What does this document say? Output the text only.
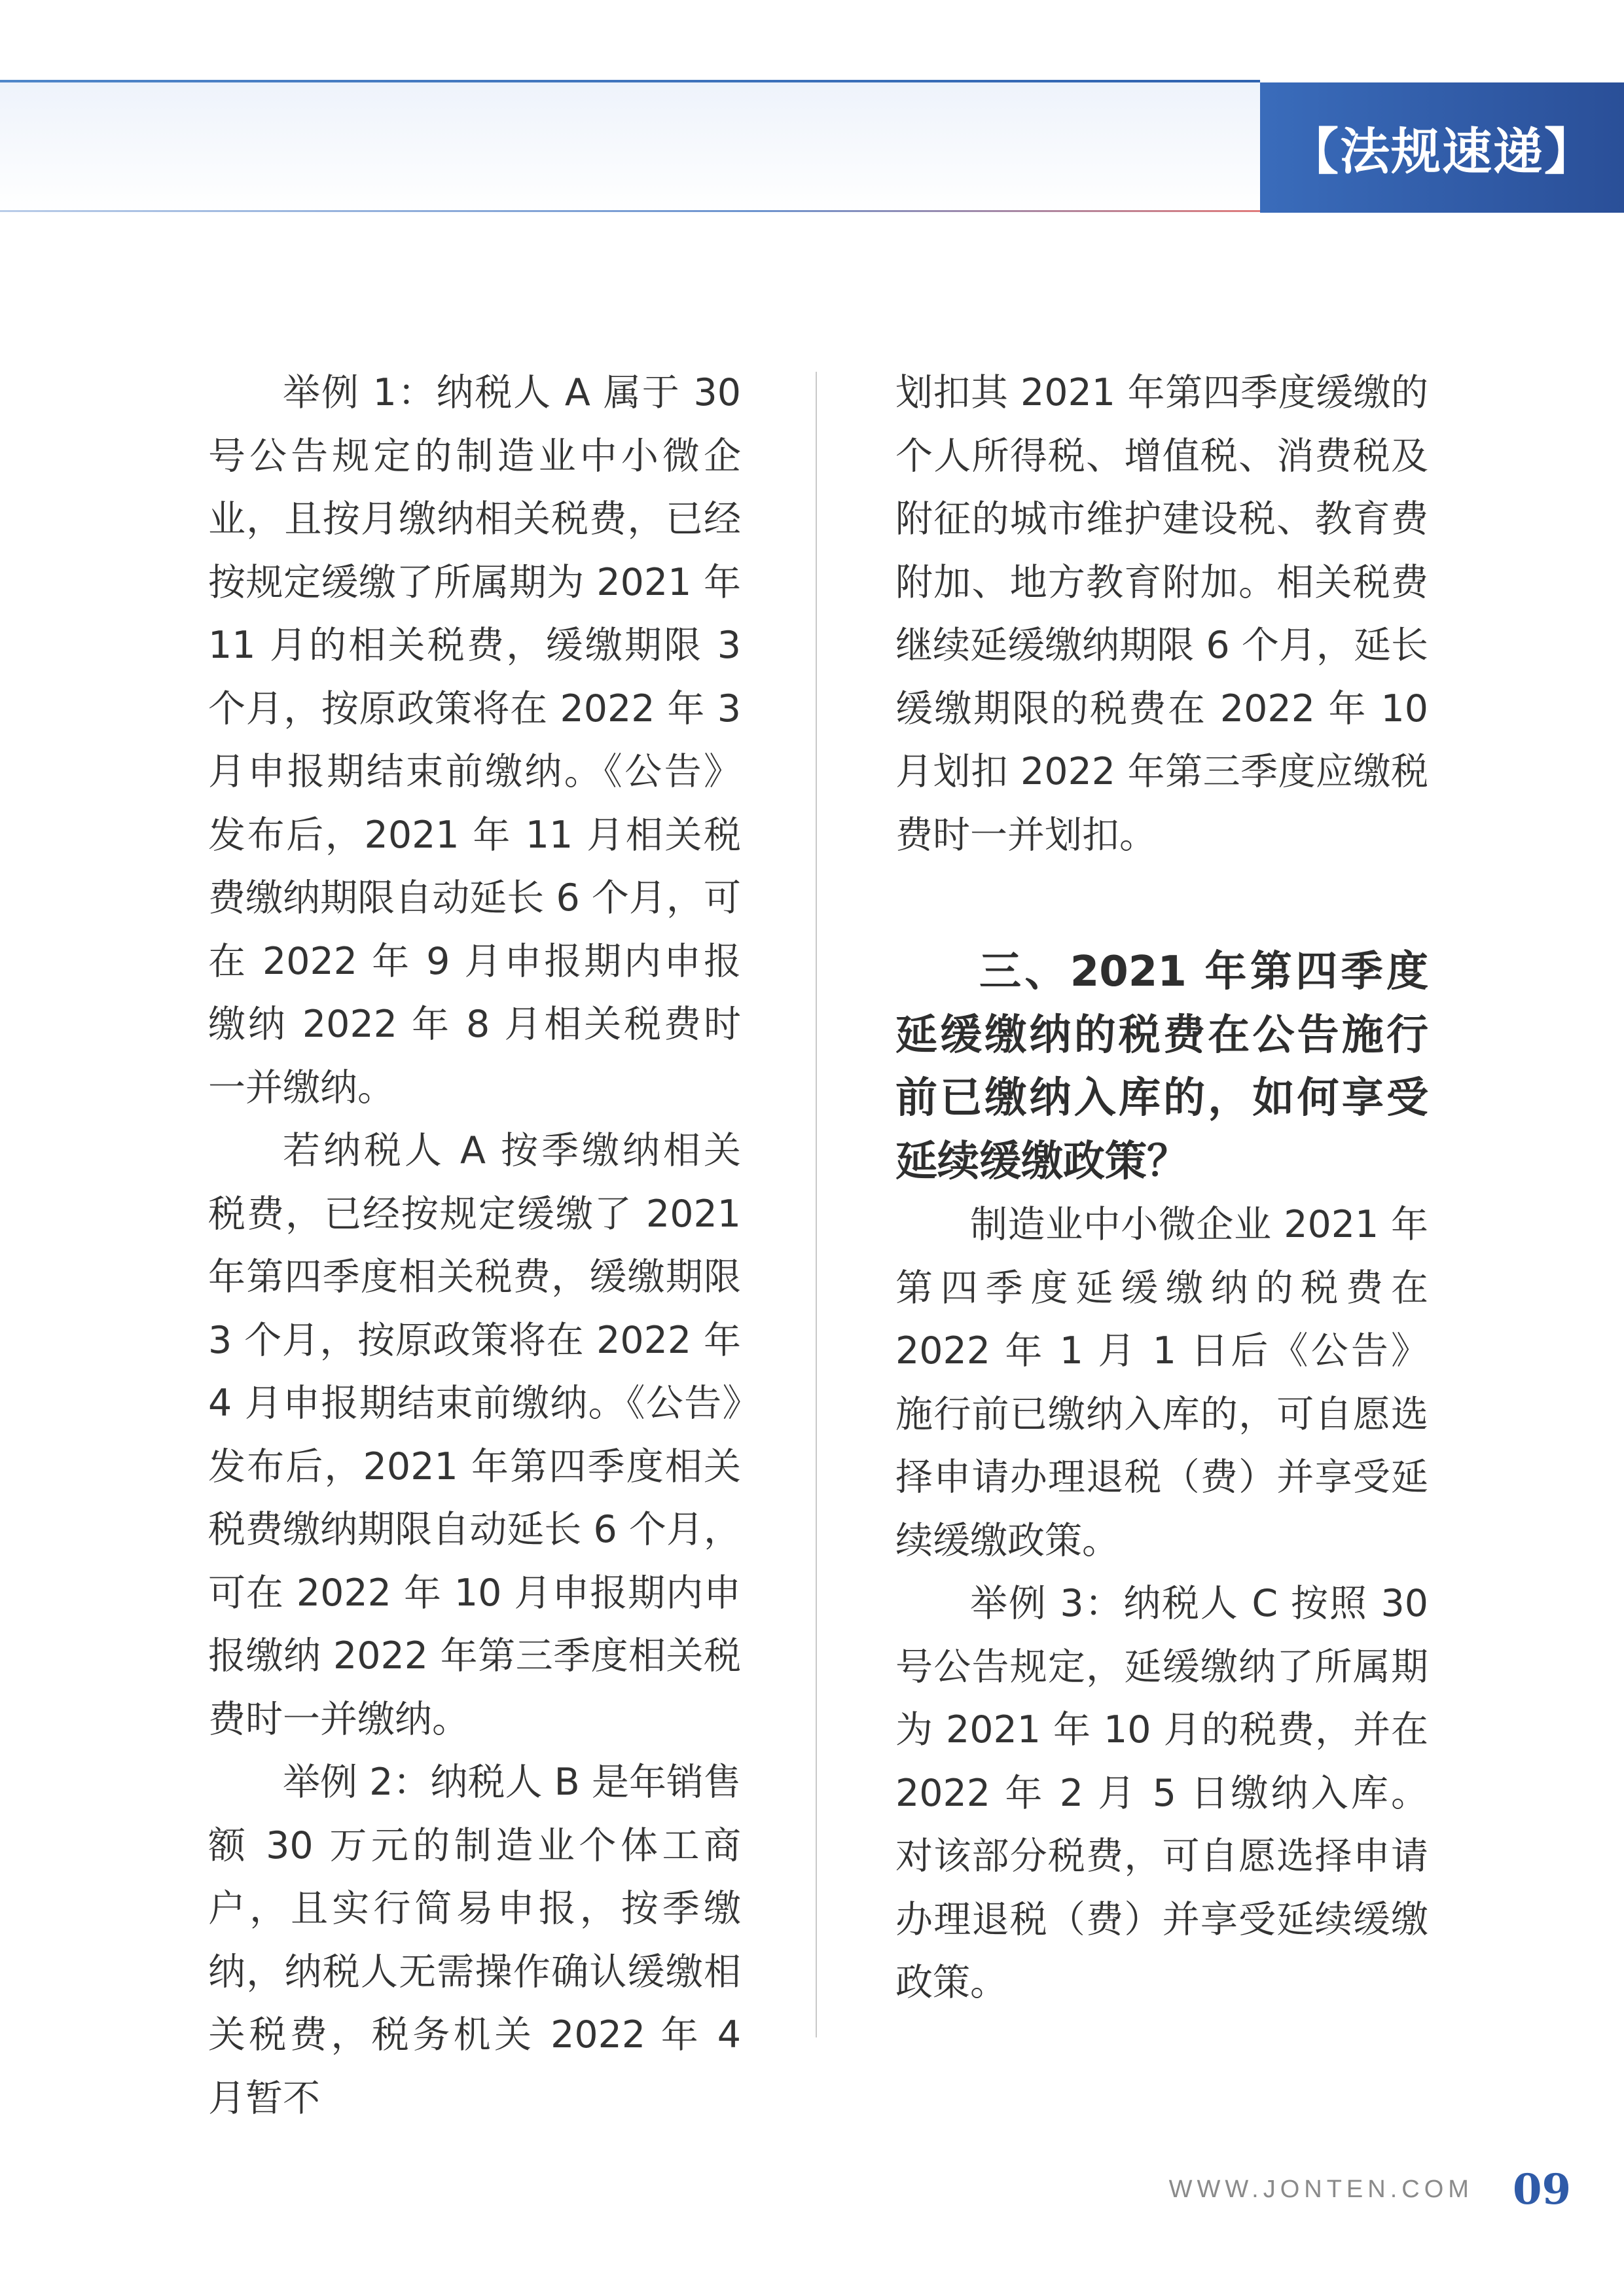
【法规速递】

举例 1：纳税人 A 属于 30 号公告规定的制造业中小微企业，且按月缴纳相关税费，已经按规定缓缴了所属期为 2021 年 11 月的相关税费，缓缴期限 3 个月，按原政策将在 2022 年 3 月申报期结束前缴纳。《公告》发布后，2021 年 11 月相关税费缴纳期限自动延长 6 个月，可在 2022 年 9 月申报期内申报缴纳 2022 年 8 月相关税费时一并缴纳。

若纳税人 A 按季缴纳相关税费，已经按规定缓缴了 2021 年第四季度相关税费，缓缴期限 3 个月，按原政策将在 2022 年 4 月申报期结束前缴纳。《公告》发布后，2021 年第四季度相关税费缴纳期限自动延长 6 个月，可在 2022 年 10 月申报期内申报缴纳 2022 年第三季度相关税费时一并缴纳。

举例 2：纳税人 B 是年销售额 30 万元的制造业个体工商户，且实行简易申报，按季缴纳，纳税人无需操作确认缓缴相关税费，税务机关 2022 年 4 月暂不

划扣其 2021 年第四季度缓缴的个人所得税、增值税、消费税及附征的城市维护建设税、教育费附加、地方教育附加。相关税费继续延缓缴纳期限 6 个月，延长缓缴期限的税费在 2022 年 10 月划扣 2022 年第三季度应缴税费时一并划扣。

三、2021 年第四季度延缓缴纳的税费在公告施行前已缴纳入库的，如何享受延续缓缴政策？

制造业中小微企业 2021 年第四季度延缓缴纳的税费在 2022 年 1 月 1 日后《公告》施行前已缴纳入库的，可自愿选择申请办理退税（费）并享受延续缓缴政策。

举例 3：纳税人 C 按照 30 号公告规定，延缓缴纳了所属期为 2021 年 10 月的税费，并在 2022 年 2 月 5 日缴纳入库。对该部分税费，可自愿选择申请办理退税（费）并享受延续缓缴政策。

WWW.JONTEN.COM 09
